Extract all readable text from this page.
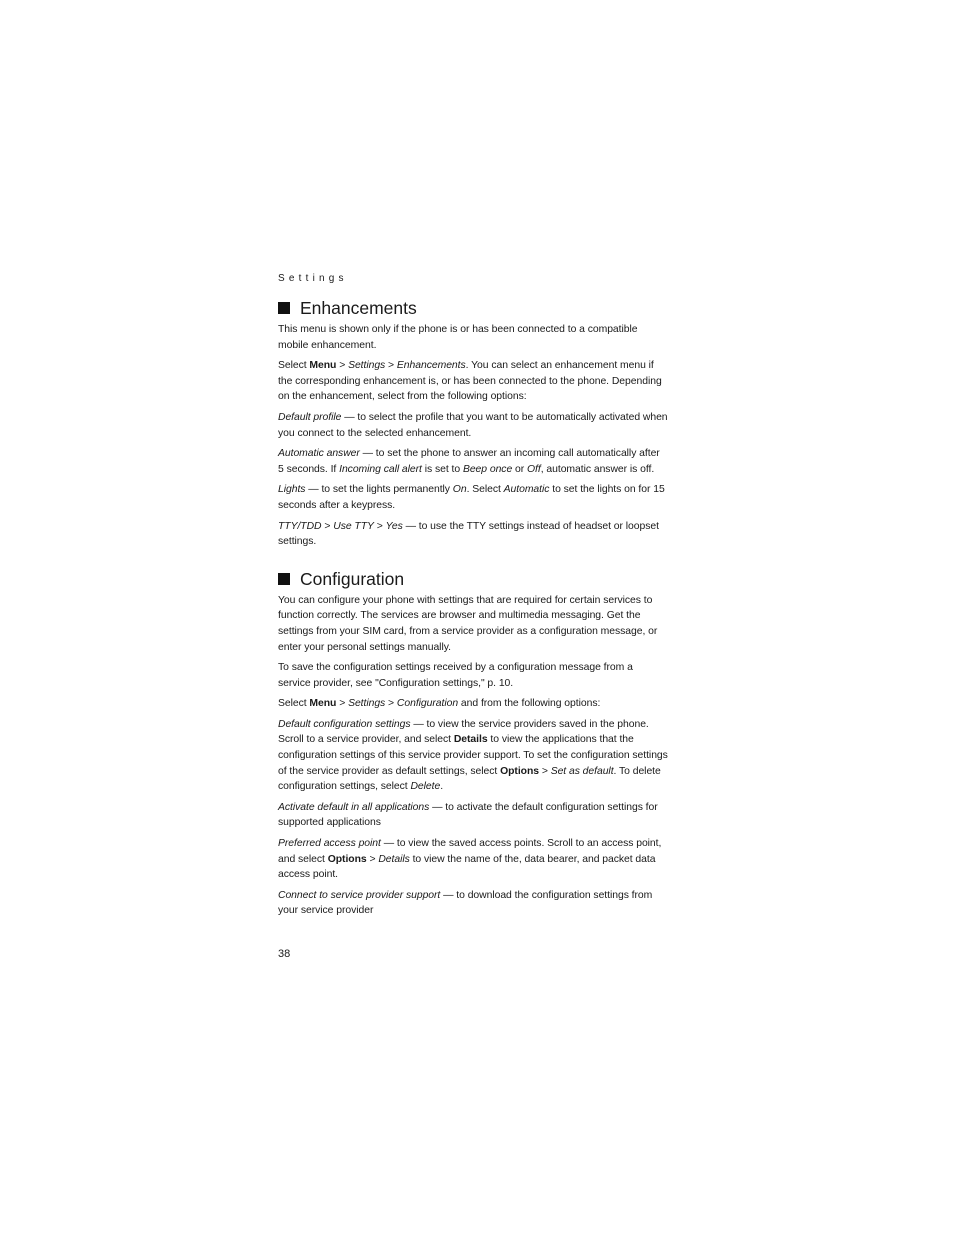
Settings
Enhancements

This menu is shown only if the phone is or has been connected to a compatible mobile enhancement.

Select Menu > Settings > Enhancements. You can select an enhancement menu if the corresponding enhancement is, or has been connected to the phone. Depending on the enhancement, select from the following options:

Default profile — to select the profile that you want to be automatically activated when you connect to the selected enhancement.

Automatic answer — to set the phone to answer an incoming call automatically after 5 seconds. If Incoming call alert is set to Beep once or Off, automatic answer is off.

Lights — to set the lights permanently On. Select Automatic to set the lights on for 15 seconds after a keypress.

TTY/TDD > Use TTY > Yes — to use the TTY settings instead of headset or loopset settings.

Configuration

You can configure your phone with settings that are required for certain services to function correctly. The services are browser and multimedia messaging. Get the settings from your SIM card, from a service provider as a configuration message, or enter your personal settings manually.

To save the configuration settings received by a configuration message from a service provider, see "Configuration settings," p. 10.

Select Menu > Settings > Configuration and from the following options:

Default configuration settings — to view the service providers saved in the phone. Scroll to a service provider, and select Details to view the applications that the configuration settings of this service provider support. To set the configuration settings of the service provider as default settings, select Options > Set as default. To delete configuration settings, select Delete.

Activate default in all applications — to activate the default configuration settings for supported applications

Preferred access point — to view the saved access points. Scroll to an access point, and select Options > Details to view the name of the, data bearer, and packet data access point.

Connect to service provider support — to download the configuration settings from your service provider

38
